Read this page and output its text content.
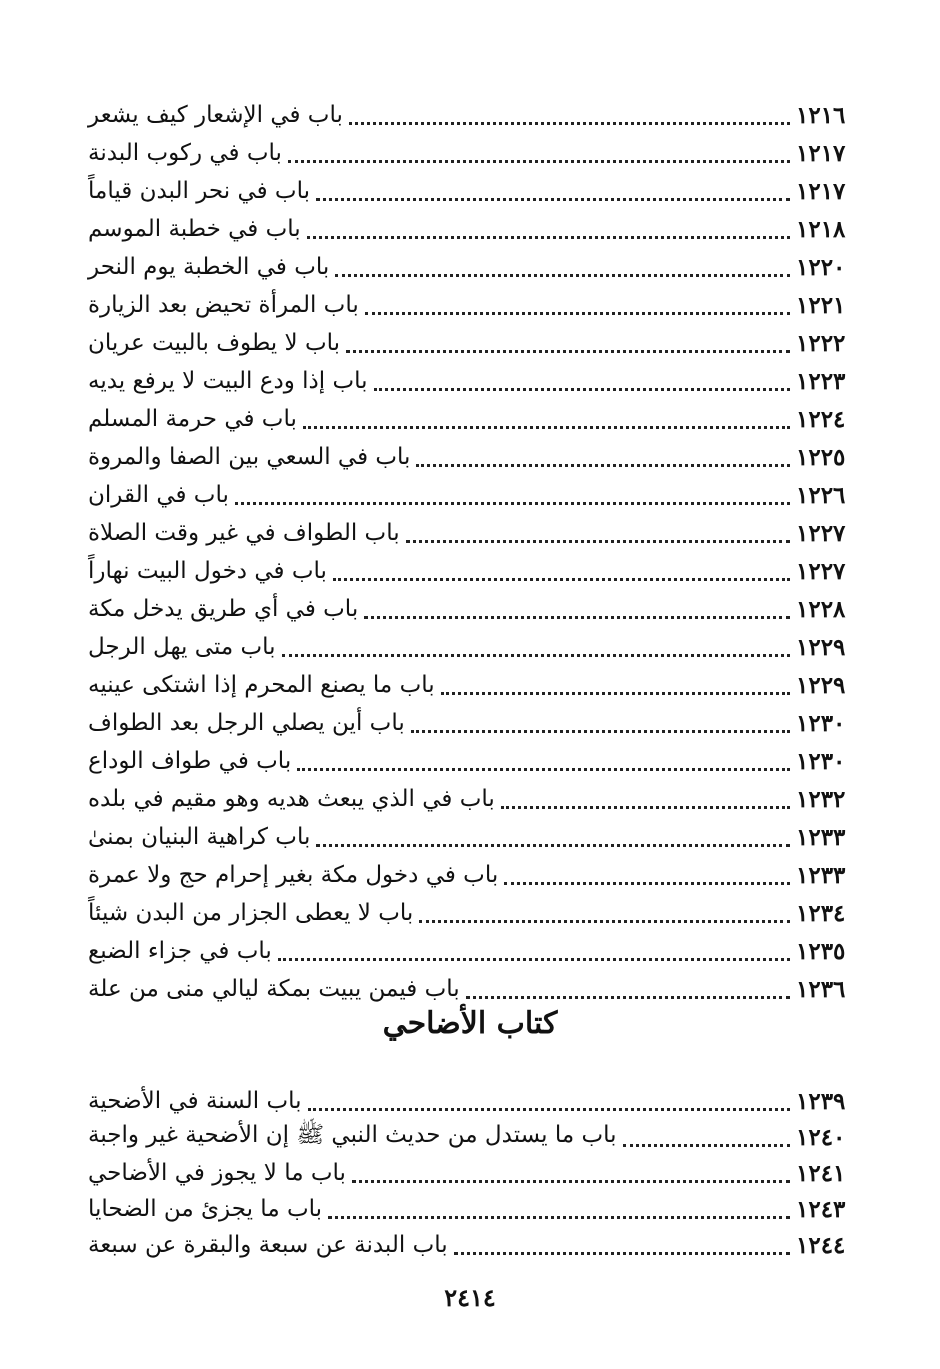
باب في الإشعار كيف يشعر	١٢١٦
باب في ركوب البدنة	١٢١٧
باب في نحر البدن قياماً	١٢١٧
باب في خطبة الموسم	١٢١٨
باب في الخطبة يوم النحر	١٢٢٠
باب المرأة تحيض بعد الزيارة	١٢٢١
باب لا يطوف بالبيت عريان	١٢٢٢
باب إذا ودع البيت لا يرفع يديه	١٢٢٣
باب في حرمة المسلم	١٢٢٤
باب في السعي بين الصفا والمروة	١٢٢٥
باب في القران	١٢٢٦
باب الطواف في غير وقت الصلاة	١٢٢٧
باب في دخول البيت نهاراً	١٢٢٧
باب في أي طريق يدخل مكة	١٢٢٨
باب متى يهل الرجل	١٢٢٩
باب ما يصنع المحرم إذا اشتكى عينيه	١٢٢٩
باب أين يصلي الرجل بعد الطواف	١٢٣٠
باب في طواف الوداع	١٢٣٠
باب في الذي يبعث هديه وهو مقيم في بلده	١٢٣٢
باب كراهية البنيان بمنىٰ	١٢٣٣
باب في دخول مكة بغير إحرام حج ولا عمرة	١٢٣٣
باب لا يعطى الجزار من البدن شيئاً	١٢٣٤
باب في جزاء الضبع	١٢٣٥
باب فيمن يبيت بمكة ليالي منى من علة	١٢٣٦
كتاب الأضاحي
باب السنة في الأضحية	١٢٣٩
باب ما يستدل من حديث النبي ﷺ إن الأضحية غير واجبة	١٢٤٠
باب ما لا يجوز في الأضاحي	١٢٤١
باب ما يجزئ من الضحايا	١٢٤٣
باب البدنة عن سبعة والبقرة عن سبعة	١٢٤٤
٢٤١٤
